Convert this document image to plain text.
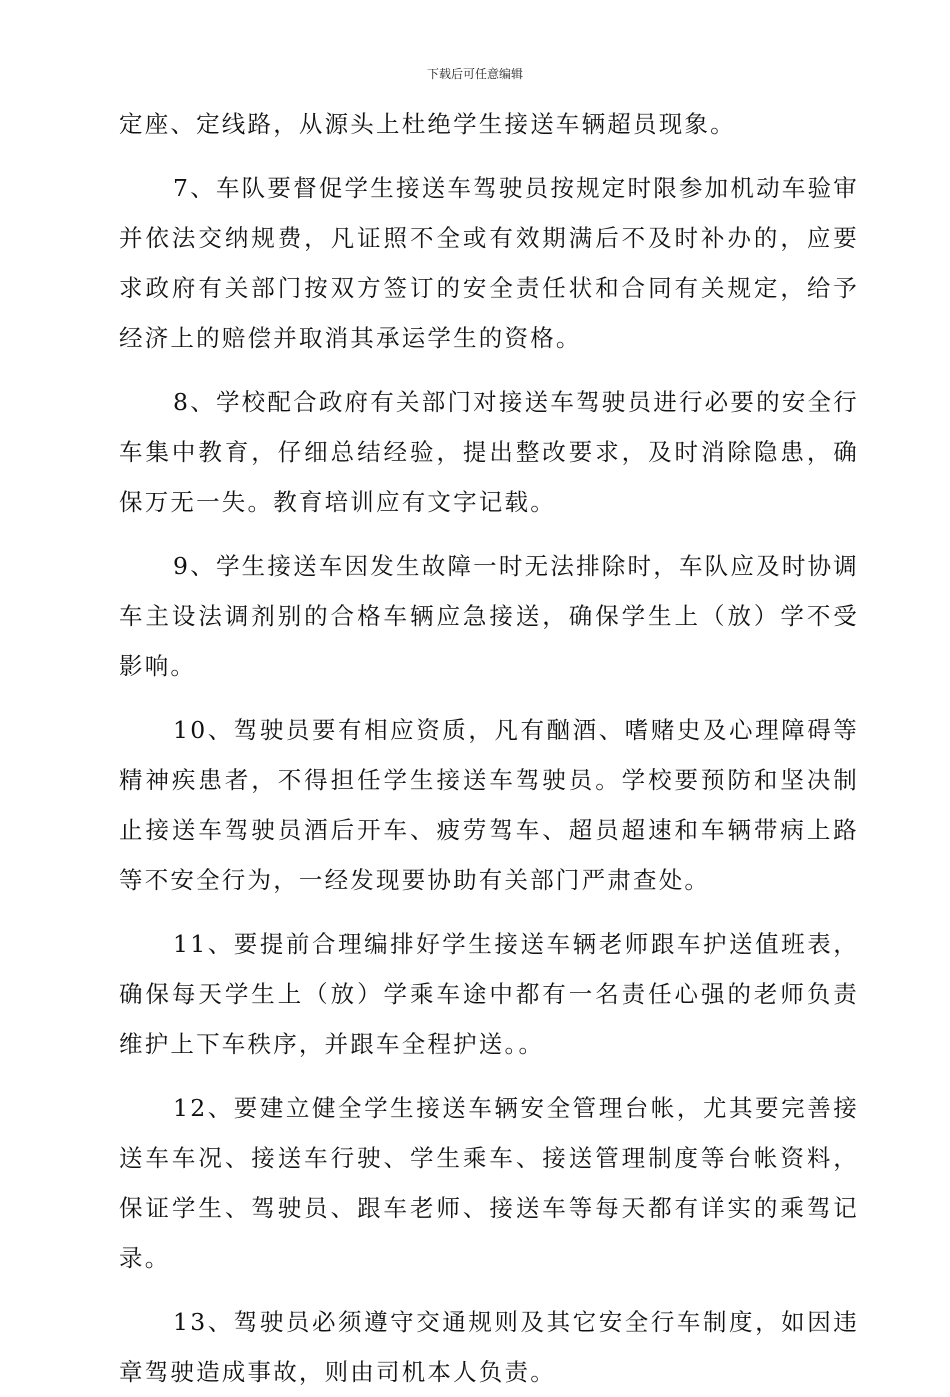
下载后可任意编辑

定座、定线路，从源头上杜绝学生接送车辆超员现象。

7、车队要督促学生接送车驾驶员按规定时限参加机动车验审并依法交纳规费，凡证照不全或有效期满后不及时补办的，应要求政府有关部门按双方签订的安全责任状和合同有关规定，给予经济上的赔偿并取消其承运学生的资格。

8、学校配合政府有关部门对接送车驾驶员进行必要的安全行车集中教育，仔细总结经验，提出整改要求，及时消除隐患，确保万无一失。教育培训应有文字记载。

9、学生接送车因发生故障一时无法排除时，车队应及时协调车主设法调剂别的合格车辆应急接送，确保学生上（放）学不受影响。

10、驾驶员要有相应资质，凡有酗酒、嗜赌史及心理障碍等精神疾患者，不得担任学生接送车驾驶员。学校要预防和坚决制止接送车驾驶员酒后开车、疲劳驾车、超员超速和车辆带病上路等不安全行为，一经发现要协助有关部门严肃查处。

11、要提前合理编排好学生接送车辆老师跟车护送值班表，确保每天学生上（放）学乘车途中都有一名责任心强的老师负责维护上下车秩序，并跟车全程护送。。

12、要建立健全学生接送车辆安全管理台帐，尤其要完善接送车车况、接送车行驶、学生乘车、接送管理制度等台帐资料，保证学生、驾驶员、跟车老师、接送车等每天都有详实的乘驾记录。

13、驾驶员必须遵守交通规则及其它安全行车制度，如因违章驾驶造成事故，则由司机本人负责。
